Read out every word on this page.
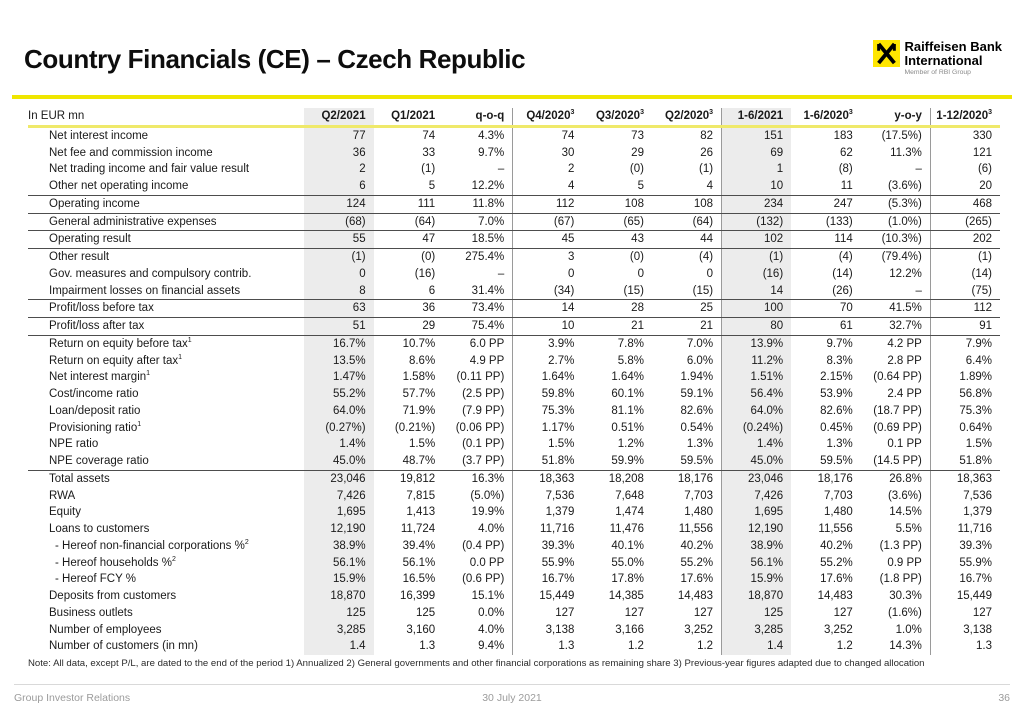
Country Financials (CE) – Czech Republic	Raiffeisen Bank
International
Member of RBI Group
In EUR mn	Q2/2021	Q1/2021	q-o-q	Q4/2020$^3$	Q3/2020$^3$	Q2/2020$^3$	1-6/2021	1-6/2020$^3$	y-o-y	1-12/2020$^3$
Net interest income	77	74	4.3%	74	73	82	151	183	(17.5%)	330
Net fee and commission income	36	33	9.7%	30	29	26	69	62	11.3%	121
Net trading income and fair value result	2	(1)	–	2	(0)	(1)	1	(8)	–	(6)
Other net operating income	6	5	12.2%	4	5	4	10	11	(3.6%)	20
Operating income	124	111	11.8%	112	108	108	234	247	(5.3%)	468
General administrative expenses	(68)	(64)	7.0%	(67)	(65)	(64)	(132)	(133)	(1.0%)	(265)
Operating result	55	47	18.5%	45	43	44	102	114	(10.3%)	202
Other result	(1)	(0)	275.4%	3	(0)	(4)	(1)	(4)	(79.4%)	(1)
Gov. measures and compulsory contrib.	0	(16)	–	0	0	0	(16)	(14)	12.2%	(14)
Impairment losses on financial assets	8	6	31.4%	(34)	(15)	(15)	14	(26)	–	(75)
Profit/loss before tax	63	36	73.4%	14	28	25	100	70	41.5%	112
Profit/loss after tax	51	29	75.4%	10	21	21	80	61	32.7%	91
Return on equity before tax$^1$	16.7%	10.7%	6.0 PP	3.9%	7.8%	7.0%	13.9%	9.7%	4.2 PP	7.9%
Return on equity after tax$^1$	13.5%	8.6%	4.9 PP	2.7%	5.8%	6.0%	11.2%	8.3%	2.8 PP	6.4%
Net interest margin$^1$	1.47%	1.58%	(0.11 PP)	1.64%	1.64%	1.94%	1.51%	2.15%	(0.64 PP)	1.89%
Cost/income ratio	55.2%	57.7%	(2.5 PP)	59.8%	60.1%	59.1%	56.4%	53.9%	2.4 PP	56.8%
Loan/deposit ratio	64.0%	71.9%	(7.9 PP)	75.3%	81.1%	82.6%	64.0%	82.6%	(18.7 PP)	75.3%
Provisioning ratio$^1$	(0.27%)	(0.21%)	(0.06 PP)	1.17%	0.51%	0.54%	(0.24%)	0.45%	(0.69 PP)	0.64%
NPE ratio	1.4%	1.5%	(0.1 PP)	1.5%	1.2%	1.3%	1.4%	1.3%	0.1 PP	1.5%
NPE coverage ratio	45.0%	48.7%	(3.7 PP)	51.8%	59.9%	59.5%	45.0%	59.5%	(14.5 PP)	51.8%
Total assets	23,046	19,812	16.3%	18,363	18,208	18,176	23,046	18,176	26.8%	18,363
RWA	7,426	7,815	(5.0%)	7,536	7,648	7,703	7,426	7,703	(3.6%)	7,536
Equity	1,695	1,413	19.9%	1,379	1,474	1,480	1,695	1,480	14.5%	1,379
Loans to customers	12,190	11,724	4.0%	11,716	11,476	11,556	12,190	11,556	5.5%	11,716
- Hereof non-financial corporations %$^2$	38.9%	39.4%	(0.4 PP)	39.3%	40.1%	40.2%	38.9%	40.2%	(1.3 PP)	39.3%
- Hereof households %$^2$	56.1%	56.1%	0.0 PP	55.9%	55.0%	55.2%	56.1%	55.2%	0.9 PP	55.9%
- Hereof FCY %	15.9%	16.5%	(0.6 PP)	16.7%	17.8%	17.6%	15.9%	17.6%	(1.8 PP)	16.7%
Deposits from customers	18,870	16,399	15.1%	15,449	14,385	14,483	18,870	14,483	30.3%	15,449
Business outlets	125	125	0.0%	127	127	127	125	127	(1.6%)	127
Number of employees	3,285	3,160	4.0%	3,138	3,166	3,252	3,285	3,252	1.0%	3,138
Number of customers (in mn)	1.4	1.3	9.4%	1.3	1.2	1.2	1.4	1.2	14.3%	1.3
Note: All data, except P/L, are dated to the end of the period 1) Annualized 2) General governments and other financial corporations as remaining share 3) Previous-year figures adapted due to changed allocation
30 July 2021
Group Investor Relations	36
